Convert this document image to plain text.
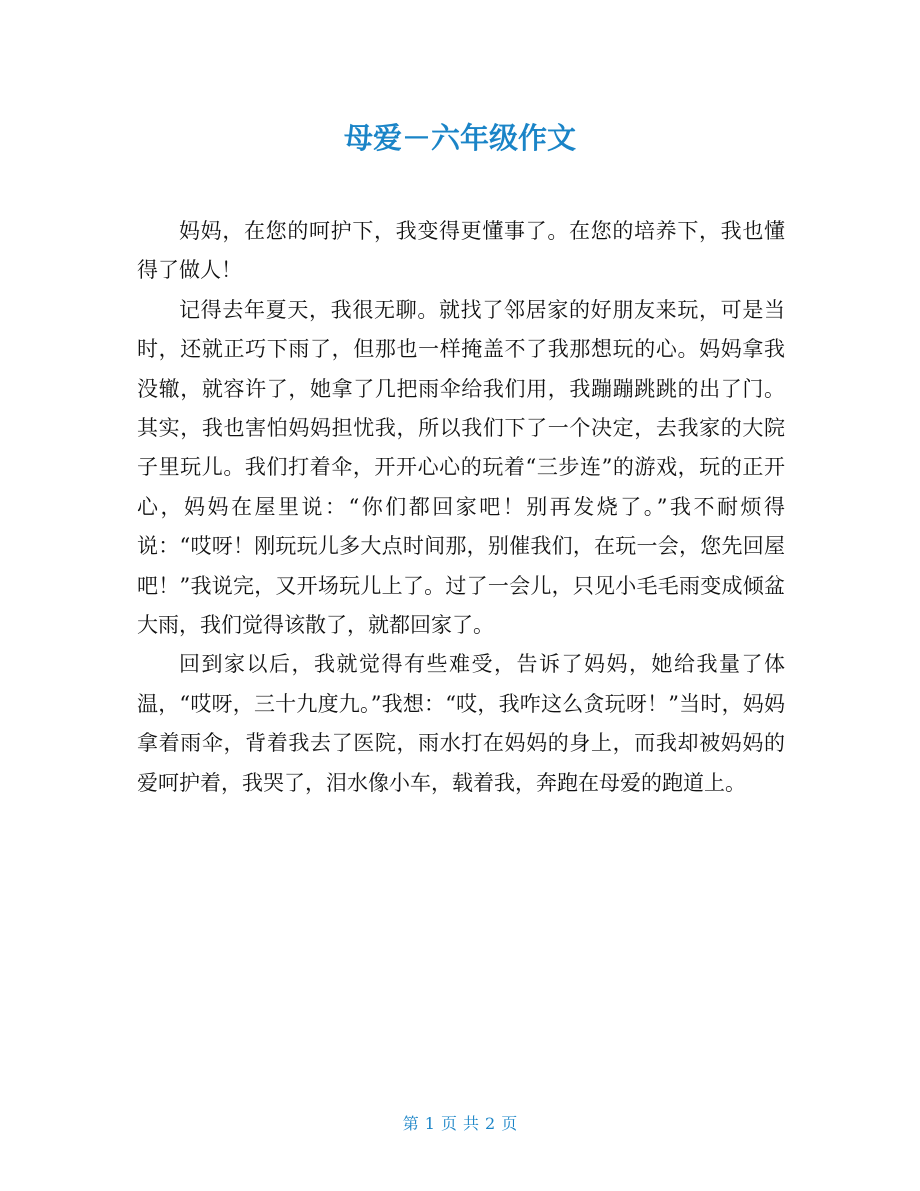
母爱－六年级作文

妈妈，在您的呵护下，我变得更懂事了。在您的培养下，我也懂得了做人！

记得去年夏天，我很无聊。就找了邻居家的好朋友来玩，可是当时，还就正巧下雨了，但那也一样掩盖不了我那想玩的心。妈妈拿我没辙，就容许了，她拿了几把雨伞给我们用，我蹦蹦跳跳的出了门。其实，我也害怕妈妈担忧我，所以我们下了一个决定，去我家的大院子里玩儿。我们打着伞，开开心心的玩着“三步连”的游戏，玩的正开心，妈妈在屋里说：“你们都回家吧！别再发烧了。”我不耐烦得说：“哎呀！刚玩玩儿多大点时间那，别催我们，在玩一会，您先回屋吧！”我说完，又开场玩儿上了。过了一会儿，只见小毛毛雨变成倾盆大雨，我们觉得该散了，就都回家了。

回到家以后，我就觉得有些难受，告诉了妈妈，她给我量了体温，“哎呀，三十九度九。”我想：“哎，我咋这么贪玩呀！”当时，妈妈拿着雨伞，背着我去了医院，雨水打在妈妈的身上，而我却被妈妈的爱呵护着，我哭了，泪水像小车，载着我，奔跑在母爱的跑道上。

第 1 页 共 2 页
